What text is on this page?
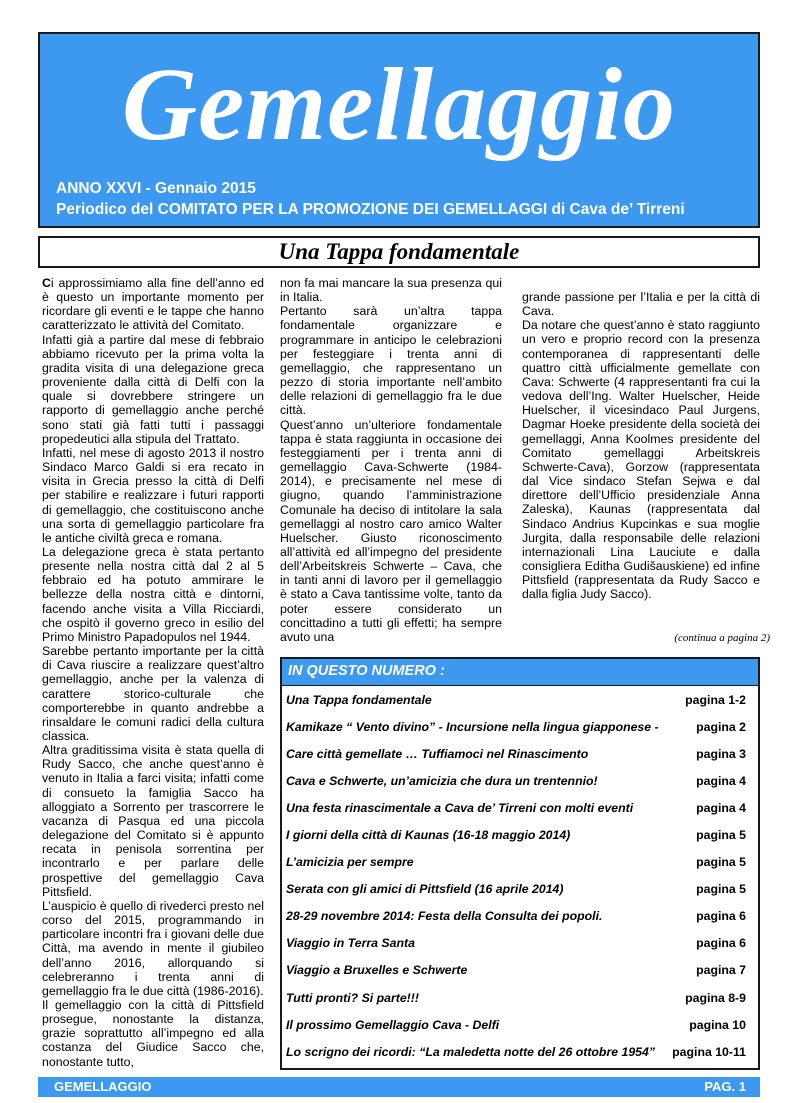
Gemellaggio
ANNO XXVI - Gennaio 2015
Periodico del COMITATO PER LA PROMOZIONE DEI GEMELLAGGI di Cava de’ Tirreni
Una Tappa fondamentale

Ci approssimiamo alla fine dell’anno ed è questo un importante momento per ricordare gli eventi e le tappe che hanno caratterizzato le attività del Comitato.

Infatti già a partire dal mese di febbraio abbiamo ricevuto per la prima volta la gradita visita di una delegazione greca proveniente dalla città di Delfi con la quale si dovrebbere stringere un rapporto di gemellaggio anche perché sono stati già fatti tutti i passaggi propedeutici alla stipula del Trattato.

Infatti, nel mese di agosto 2013 il nostro Sindaco Marco Galdi si era recato in visita in Grecia presso la città di Delfi per stabilire e realizzare i futuri rapporti di gemellaggio, che costituiscono anche una sorta di gemellaggio particolare fra le antiche civiltà greca e romana.

La delegazione greca è stata pertanto presente nella nostra città dal 2 al 5 febbraio ed ha potuto ammirare le bellezze della nostra città e dintorni, facendo anche visita a Villa Ricciardi, che ospitò il governo greco in esilio del Primo Ministro Papadopulos nel 1944.

Sarebbe pertanto importante per la città di Cava riuscire a realizzare quest’altro gemellaggio, anche per la valenza di carattere storico-culturale che comporterebbe in quanto andrebbe a rinsaldare le comuni radici della cultura classica.

Altra graditissima visita è stata quella di Rudy Sacco, che anche quest’anno è venuto in Italia a farci visita; infatti come di consueto la famiglia Sacco ha alloggiato a Sorrento per trascorrere le vacanza di Pasqua ed una piccola delegazione del Comitato si è appunto recata in penisola sorrentina per incontrarlo e per parlare delle prospettive del gemellaggio Cava Pittsfield.

L’auspicio è quello di rivederci presto nel corso del 2015, programmando in particolare incontri fra i giovani delle due Città, ma avendo in mente il giubileo dell’anno 2016, allorquando si celebreranno i trenta anni di gemellaggio fra le due città (1986-2016).

Il gemellaggio con la città di Pittsfield prosegue, nonostante la distanza, grazie soprattutto all’impegno ed alla costanza del Giudice Sacco che, nonostante tutto,

non fa mai mancare la sua presenza qui in Italia.

Pertanto sarà un’altra tappa fondamentale organizzare e programmare in anticipo le celebrazioni per festeggiare i trenta anni di gemellaggio, che rappresentano un pezzo di storia importante nell’ambito delle relazioni di gemellaggio fra le due città.

Quest’anno un’ulteriore fondamentale tappa è stata raggiunta in occasione dei festeggiamenti per i trenta anni di gemellaggio Cava-Schwerte (1984-2014), e precisamente nel mese di giugno, quando l’amministrazione Comunale ha deciso di intitolare la sala gemellaggi al nostro caro amico Walter Huelscher. Giusto riconoscimento all’attività ed all’impegno del presidente dell’Arbeitskreis Schwerte – Cava, che in tanti anni di lavoro per il gemellaggio è stato a Cava tantissime volte, tanto da poter essere considerato un concittadino a tutti gli effetti; ha sempre avuto una

grande passione per l’Italia e per la città di Cava.

Da notare che quest’anno è stato raggiunto un vero e proprio record con la presenza contemporanea di rappresentanti delle quattro città ufficialmente gemellate con Cava: Schwerte (4 rappresentanti fra cui la vedova dell’Ing. Walter Huelscher, Heide Huelscher, il vicesindaco Paul Jurgens, Dagmar Hoeke presidente della società dei gemellaggi, Anna Koolmes presidente del Comitato gemellaggi Arbeitskreis Schwerte-Cava), Gorzow (rappresentata dal Vice sindaco Stefan Sejwa e dal direttore dell’Ufficio presidenziale Anna Zaleska), Kaunas (rappresentata dal Sindaco Andrius Kupcinkas e sua moglie Jurgita, dalla responsabile delle relazioni internazionali Lina Lauciute e dalla consigliera Editha Gudišauskiene) ed infine Pittsfield (rappresentata da Rudy Sacco e dalla figlia Judy Sacco).

(continua a pagina 2)
IN QUESTO NUMERO :
Una Tappa fondamentale	pagina 1-2
Kamikaze “ Vento divino” - Incursione nella lingua giapponese -	pagina 2
Care città gemellate … Tuffiamoci nel Rinascimento	pagina 3
Cava e Schwerte, un’amicizia che dura un trentennio!	pagina 4
Una festa rinascimentale a Cava de’ Tirreni con molti eventi	pagina 4
I giorni della città di Kaunas (16-18 maggio 2014)	pagina 5
L’amicizia per sempre	pagina 5
Serata con gli amici di Pittsfield (16 aprile 2014)	pagina 5
28-29 novembre 2014: Festa della Consulta dei popoli.	pagina 6
Viaggio in Terra Santa	pagina 6
Viaggio a Bruxelles e Schwerte	pagina 7
Tutti pronti? Si parte!!!	pagina 8-9
Il prossimo Gemellaggio Cava - Delfi	pagina 10
Lo scrigno dei ricordi: “La maledetta notte del 26 ottobre 1954” pagina 10-11
GEMELLAGGIO	PAG. 1
